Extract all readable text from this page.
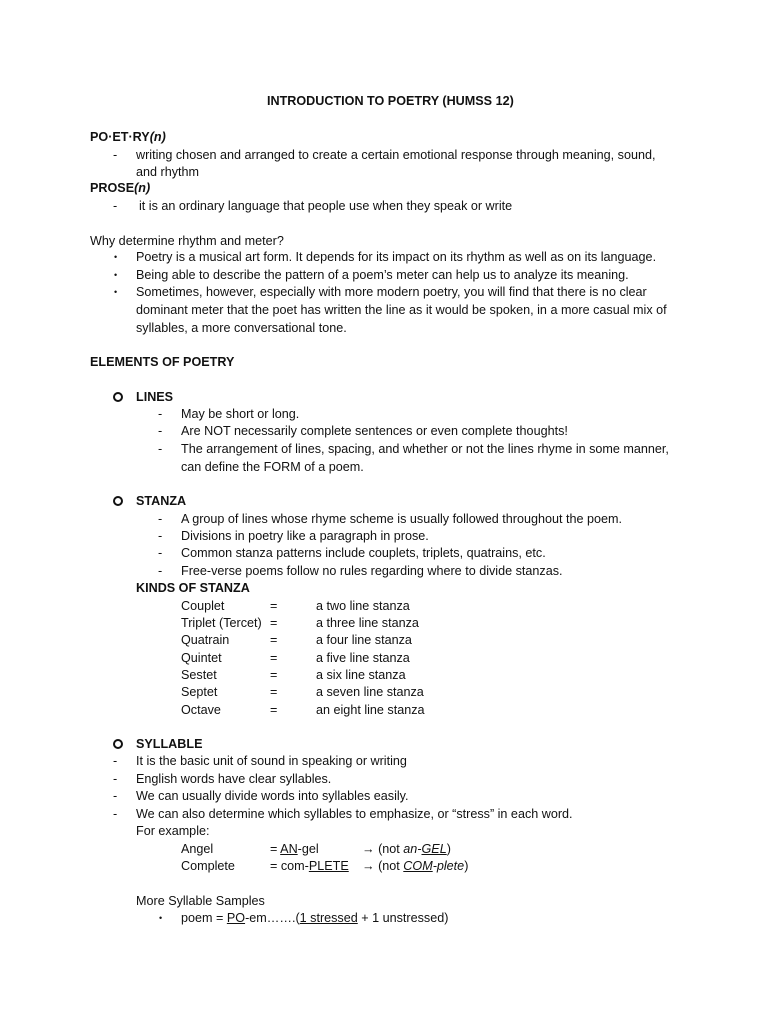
INTRODUCTION TO POETRY (HUMSS 12)
PO·ET·RY(n)
- writing chosen and arranged to create a certain emotional response through meaning, sound,
and rhythm
PROSE(n)
- it is an ordinary language that people use when they speak or write
Why determine rhythm and meter?
• Poetry is a musical art form. It depends for its impact on its rhythm as well as on its language.
• Being able to describe the pattern of a poem’s meter can help us to analyze its meaning.
• Sometimes, however, especially with more modern poetry, you will find that there is no clear
dominant meter that the poet has written the line as it would be spoken, in a more casual mix of
syllables, a more conversational tone.
ELEMENTS OF POETRY
LINES
- May be short or long.
- Are NOT necessarily complete sentences or even complete thoughts!
- The arrangement of lines, spacing, and whether or not the lines rhyme in some manner,
can define the FORM of a poem.
STANZA
- A group of lines whose rhyme scheme is usually followed throughout the poem.
- Divisions in poetry like a paragraph in prose.
- Common stanza patterns include couplets, triplets, quatrains, etc.
- Free-verse poems follow no rules regarding where to divide stanzas.
KINDS OF STANZA
Couplet	=	a two line stanza
Triplet (Tercet) =	a three line stanza
Quatrain	=	a four line stanza
Quintet	=	a five line stanza
Sestet	=	a six line stanza
Septet	=	a seven line stanza
Octave	=	an eight line stanza
SYLLABLE
- It is the basic unit of sound in speaking or writing
- English words have clear syllables.
- We can usually divide words into syllables easily.
- We can also determine which syllables to emphasize, or “stress” in each word.
For example:
Angel	= AN-gel	→ (not an-GEL)
Complete	= com-PLETE → (not COM-plete)
More Syllable Samples
• poem = PO-em…….(1 stressed + 1 unstressed)
